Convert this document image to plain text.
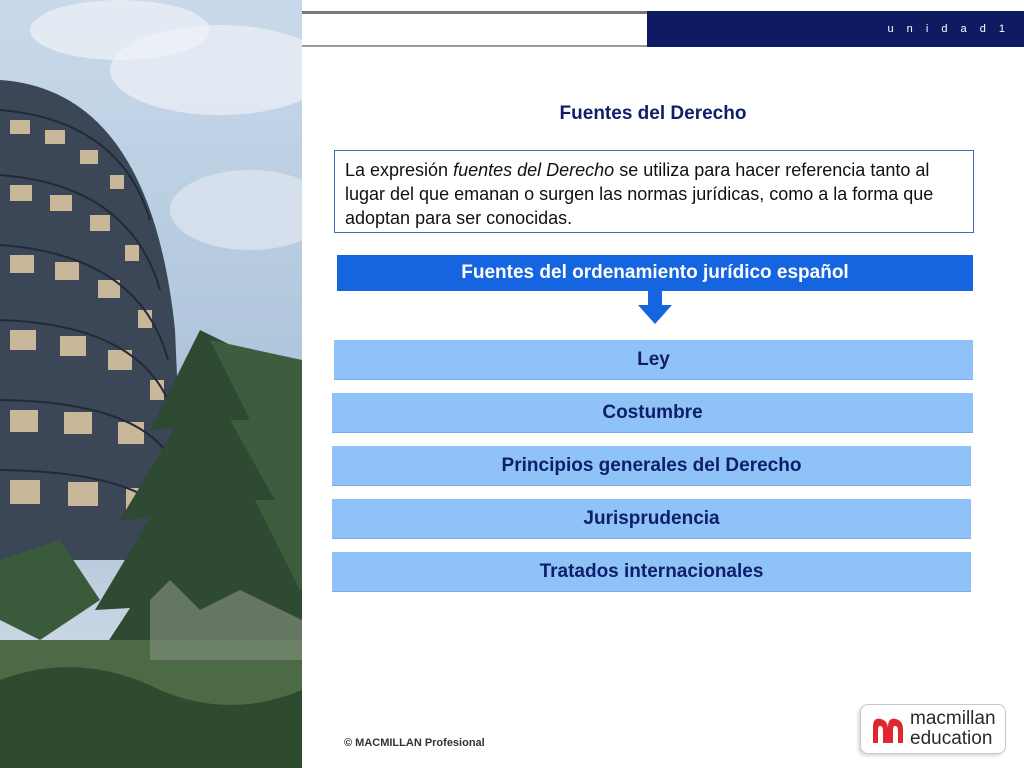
u n i d a d 1
Fuentes del Derecho
La expresión fuentes del Derecho se utiliza para hacer referencia tanto al lugar del que emanan o surgen las normas jurídicas, como a la forma que adoptan para ser conocidas.
Fuentes del ordenamiento jurídico español
Ley
Costumbre
Principios generales del Derecho
Jurisprudencia
Tratados internacionales
© MACMILLAN Profesional
macmillan
education
